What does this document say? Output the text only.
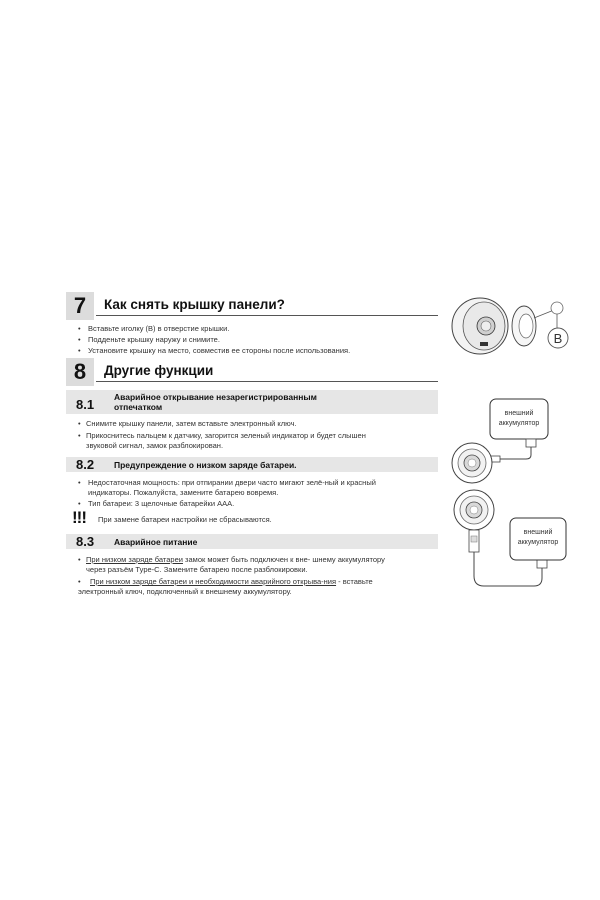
7	Как снять крышку панели?
• Вставьте иголку (В) в отверстие крышки.
• Подденьте крышку наружу и снимите.
• Установите крышку на место, совместив ее стороны после использования.
B
8	Другие функции
8.1 Аварийное открывание незарегистрированным
отпечатком
• Снимите крышку панели, затем вставьте электронный ключ.
• Прикоснитесь пальцем к датчику, загорится зеленый индикатор и будет слышен
звуковой сигнал, замок разблокирован.
8.2 Предупреждение о низком заряде батареи.
• Недостаточная мощность: при отпирании двери часто мигают зелё-ный и красный
индикаторы. Пожалуйста, замените батарею вовремя.
• Тип батареи: 3 щелочные батарейки ААА.
!!! При замене батареи настройки не сбрасываются.
8.3 Аварийное питание
• При низком заряде батареи замок может быть подключен к вне- шнему аккумулятору
через разъём Type-C. Замените батарею после разблокировки.
• При низком заряде батареи и необходимости аварийного открыва-ния - вставьте
электронный ключ, подключенный к внешнему аккумулятору.
внешний
аккумулятор
внешний
аккумулятор
